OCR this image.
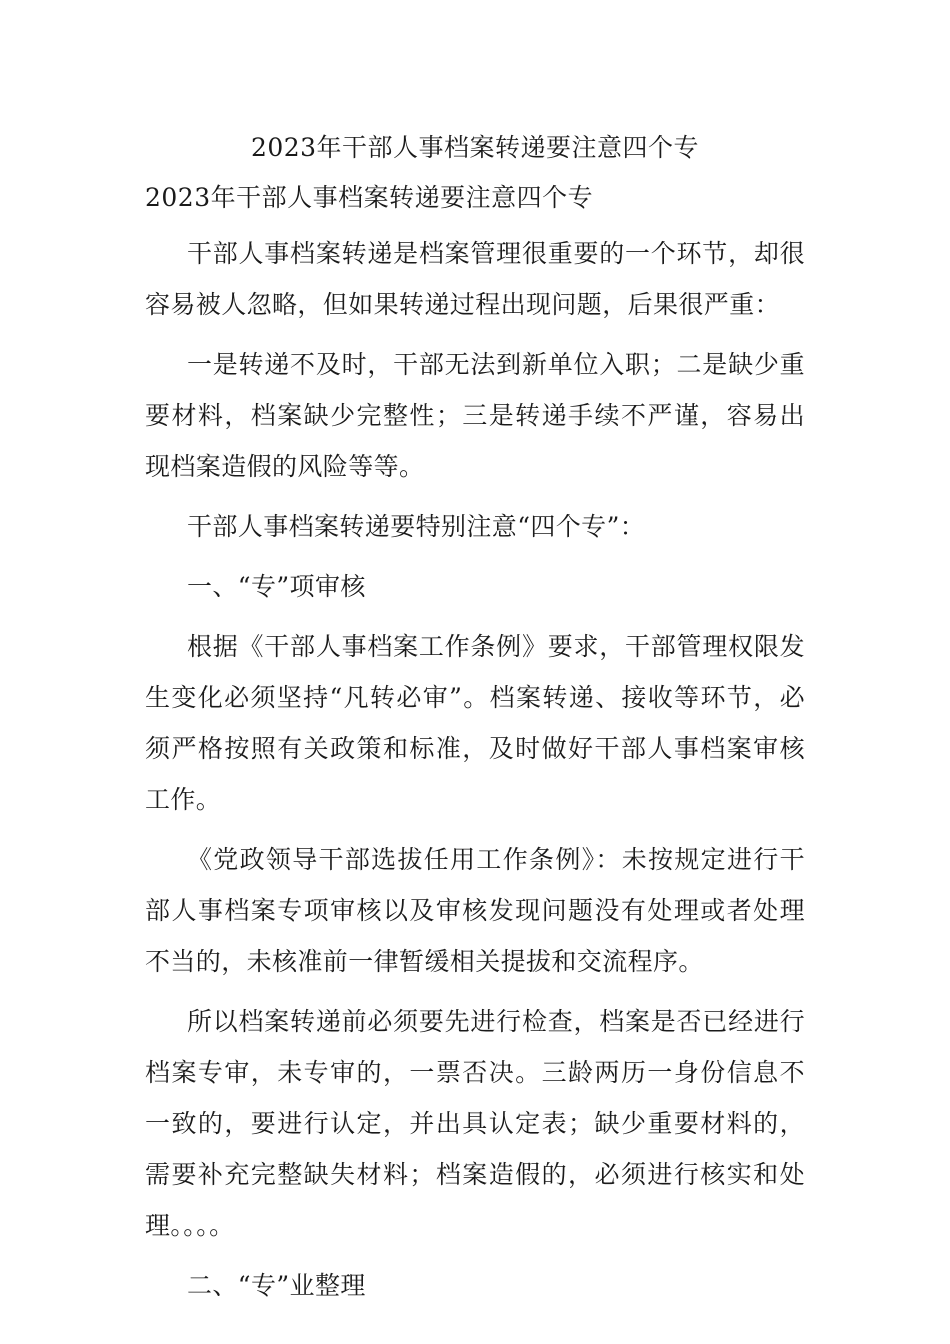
2023年干部人事档案转递要注意四个专
2023年干部人事档案转递要注意四个专

干部人事档案转递是档案管理很重要的一个环节，却很容易被人忽略，但如果转递过程出现问题，后果很严重：

一是转递不及时，干部无法到新单位入职；二是缺少重要材料，档案缺少完整性；三是转递手续不严谨，容易出现档案造假的风险等等。

干部人事档案转递要特别注意“四个专”：

一、“专”项审核

根据《干部人事档案工作条例》要求，干部管理权限发生变化必须坚持“凡转必审”。档案转递、接收等环节，必须严格按照有关政策和标准，及时做好干部人事档案审核工作。

《党政领导干部选拔任用工作条例》：未按规定进行干部人事档案专项审核以及审核发现问题没有处理或者处理不当的，未核准前一律暂缓相关提拔和交流程序。

所以档案转递前必须要先进行检查，档案是否已经进行档案专审，未专审的，一票否决。三龄两历一身份信息不一致的，要进行认定，并出具认定表；缺少重要材料的，需要补充完整缺失材料；档案造假的，必须进行核实和处理。。。。

二、“专”业整理
